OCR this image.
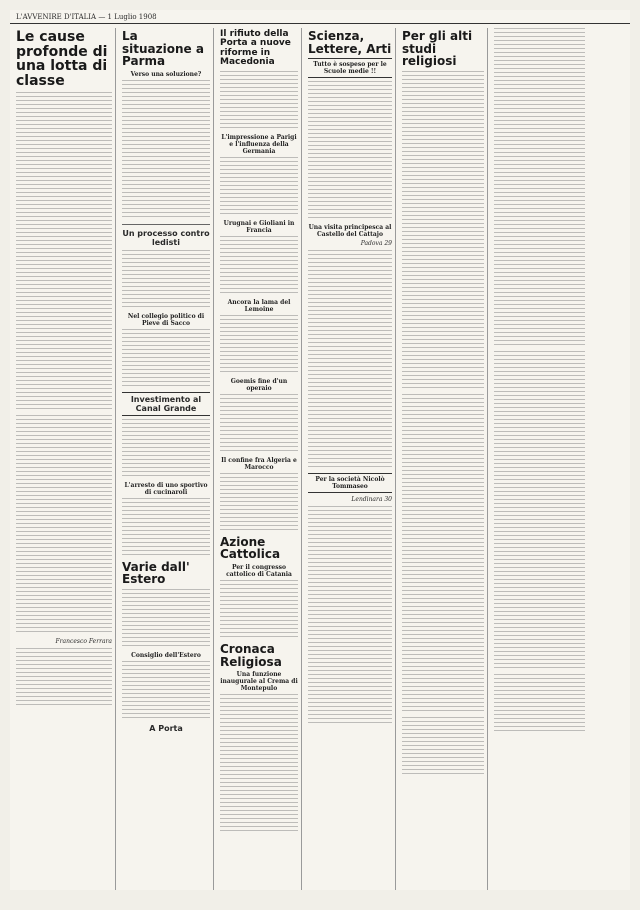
L'AVVENIRE D'ITALIA — 1 Luglio 1908
Le cause profonde di una lotta di classe
Francesco Ferrara
La situazione a Parma
Verso una soluzione?
Un processo contro ledisti
Nel collegio politico di Pieve di Sacco
Investimento al Canal Grande
L'arresto di uno sportivo di cucinaroli
Varie dall' Estero
Consiglio dell'Estero
A Porta
Il rifiuto della Porta a nuove riforme in Macedonia
L'impressione a Parigi e l'influenza della Germania
Urugnai e Gioliani in Francia
Ancora la lama del Lemoine
Goemis fine d'un operaio
Il confine fra Algeria e Marocco
Azione Cattolica
Per il congresso cattolico di Catania
Cronaca Religiosa
Una funzione inaugurale al Crema di Montepulo
Scienza, Lettere, Arti
Tutto è sospeso per le Scuole medie !!
Una visita principesca al Castello del Cattajo
Padova 29
Per la società Nicolò Tommaseo
Lendinara 30
Per gli alti studi religiosi
